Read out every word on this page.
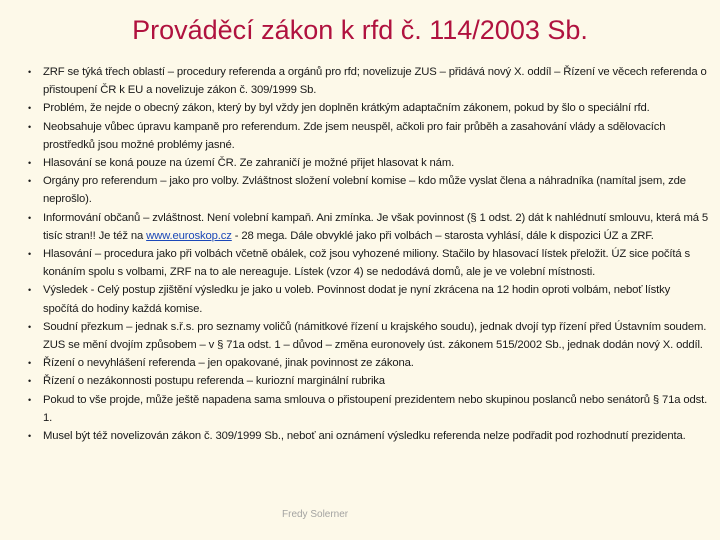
Prováděcí zákon k rfd č. 114/2003 Sb.
•	ZRF se týká třech oblastí – procedury referenda a orgánů pro rfd; novelizuje ZUS – přidává nový X. oddíl – Řízení ve věcech referenda o přistoupení ČR k EU a novelizuje zákon č. 309/1999 Sb.
•	Problém, že nejde o obecný zákon, který by byl vždy jen doplněn krátkým adaptačním zákonem, pokud by šlo o speciální rfd.
•	Neobsahuje vůbec úpravu kampaně pro referendum. Zde jsem neuspěl, ačkoli pro fair průběh a zasahování vlády a sdělovacích prostředků jsou možné problémy jasné.
•	Hlasování se koná pouze na území ČR. Ze zahraničí je možné přijet hlasovat k nám.
•	Orgány pro referendum – jako pro volby. Zvláštnost složení volební komise – kdo může vyslat člena a náhradníka (namítal jsem, zde neprošlo).
•	Informování občanů – zvláštnost. Není volební kampaň. Ani zmínka. Je však povinnost (§ 1 odst. 2) dát k nahlédnutí smlouvu, která má 5 tisíc stran!! Je též na www.euroskop.cz - 28 mega. Dále obvyklé jako při volbách – starosta vyhlásí, dále k dispozici ÚZ a ZRF.
•	Hlasování – procedura jako při volbách včetně obálek, což jsou vyhozené miliony. Stačilo by hlasovací lístek přeložit. ÚZ sice počítá s konáním spolu s volbami, ZRF na to ale nereaguje. Lístek (vzor 4) se nedodává domů, ale je ve volební místnosti.
•	Výsledek - Celý postup zjištění výsledku je jako u voleb. Povinnost dodat je nyní zkrácena na 12 hodin oproti volbám, neboť lístky spočítá do hodiny každá komise.
•	Soudní přezkum – jednak s.ř.s. pro seznamy voličů (námitkové řízení u krajského soudu), jednak dvojí typ řízení před Ústavním soudem. ZUS se mění dvojím způsobem – v § 71a odst. 1 – důvod – změna euronovely úst. zákonem 515/2002 Sb., jednak dodán nový X. oddíl.
•	Řízení o nevyhlášení referenda – jen opakované, jinak povinnost ze zákona.
•	Řízení o nezákonnosti postupu referenda – kuriozní marginální rubrika
•	Pokud to vše projde, může ještě napadena sama smlouva o přistoupení prezidentem nebo skupinou poslanců nebo senátorů § 71a odst. 1.
•	Musel být též novelizován zákon č. 309/1999 Sb., neboť ani oznámení výsledku referenda nelze podřadit pod rozhodnutí prezidenta.
Fredy Solerner
